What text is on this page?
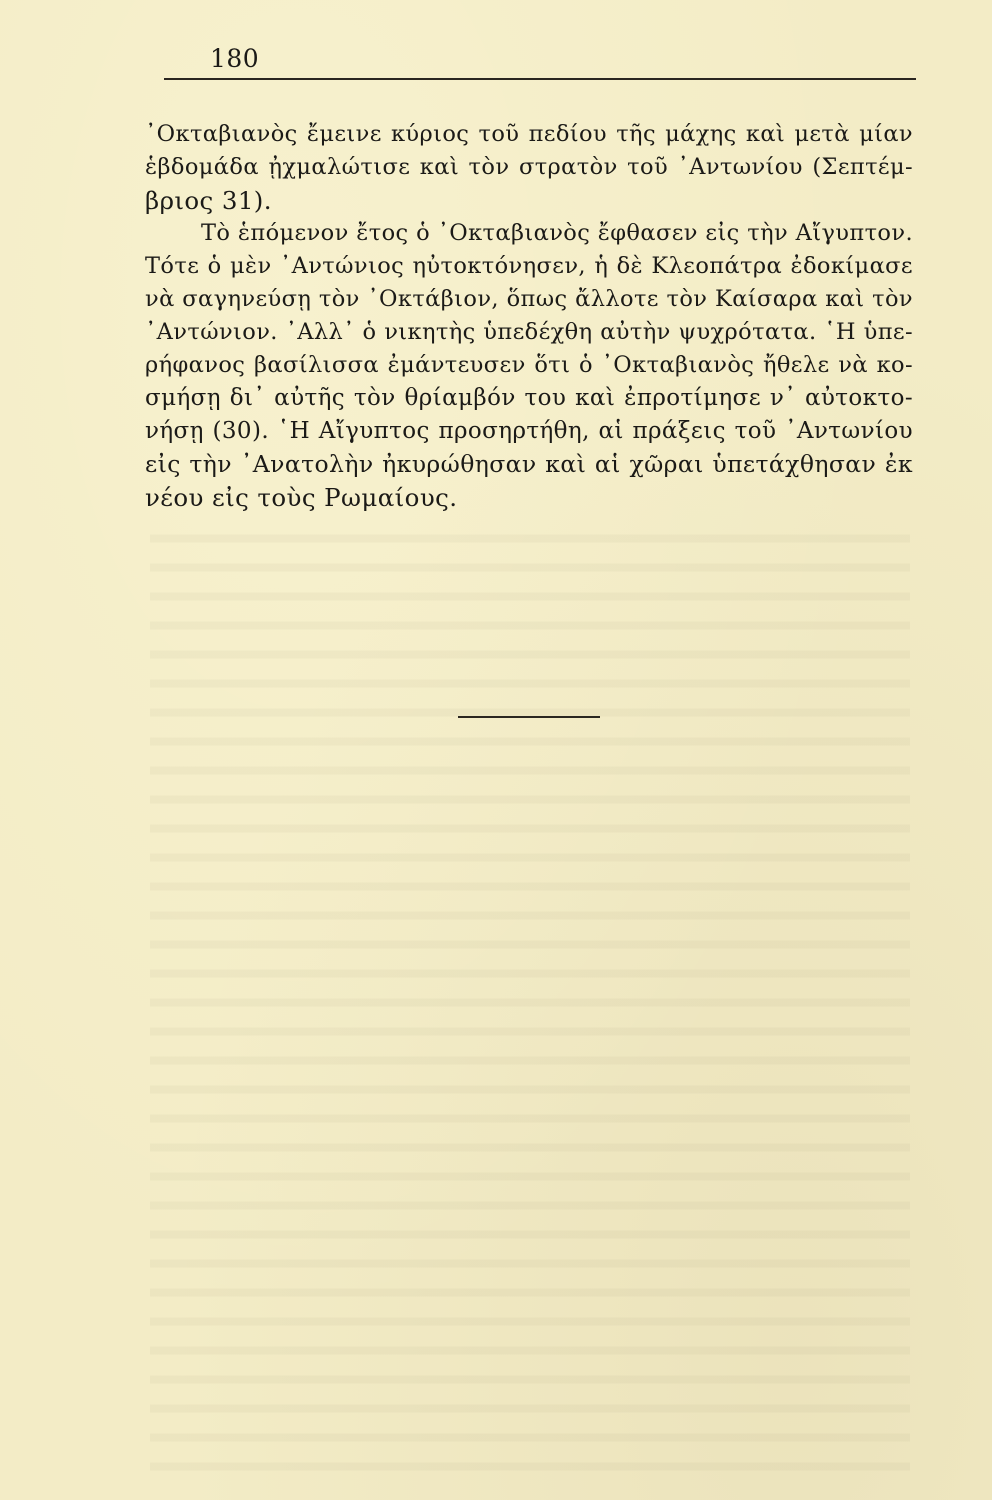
180
᾿Οκταβιανὸς ἔμεινε κύριος τοῦ πεδίου τῆς μάχης καὶ μετὰ μίαν
ἑβδομάδα ᾐχμαλώτισε καὶ τὸν στρατὸν τοῦ ᾿Αντωνίου (Σεπτέμ-
βριος 31).
Τὸ ἑπόμενον ἔτος ὁ ᾿Οκταβιανὸς ἔφθασεν εἰς τὴν Αἴγυπτον.
Τότε ὁ μὲν ᾿Αντώνιος ηὐτοκτόνησεν, ἡ δὲ Κλεοπάτρα ἐδοκίμασε
νὰ σαγηνεύσῃ τὸν ᾿Οκτάβιον, ὅπως ἄλλοτε τὸν Καίσαρα καὶ τὸν
᾿Αντώνιον. ᾿Αλλ᾿ ὁ νικητὴς ὑπεδέχθη αὐτὴν ψυχρότατα. ῾Η ὑπε-
ρήφανος βασίλισσα ἐμάντευσεν ὅτι ὁ ᾿Οκταβιανὸς ἤθελε νὰ κο-
σμήσῃ δι᾿ αὐτῆς τὸν θρίαμβόν του καὶ ἐπροτίμησε ν᾿ αὐτοκτο-
νήσῃ (30). ῾Η Αἴγυπτος προσηρτήθη, αἱ πράξεις τοῦ ᾿Αντωνίου
εἰς τὴν ᾿Ανατολὴν ἠκυρώθησαν καὶ αἱ χῶραι ὑπετάχθησαν ἐκ
νέου εἰς τοὺς Ρωμαίους.
